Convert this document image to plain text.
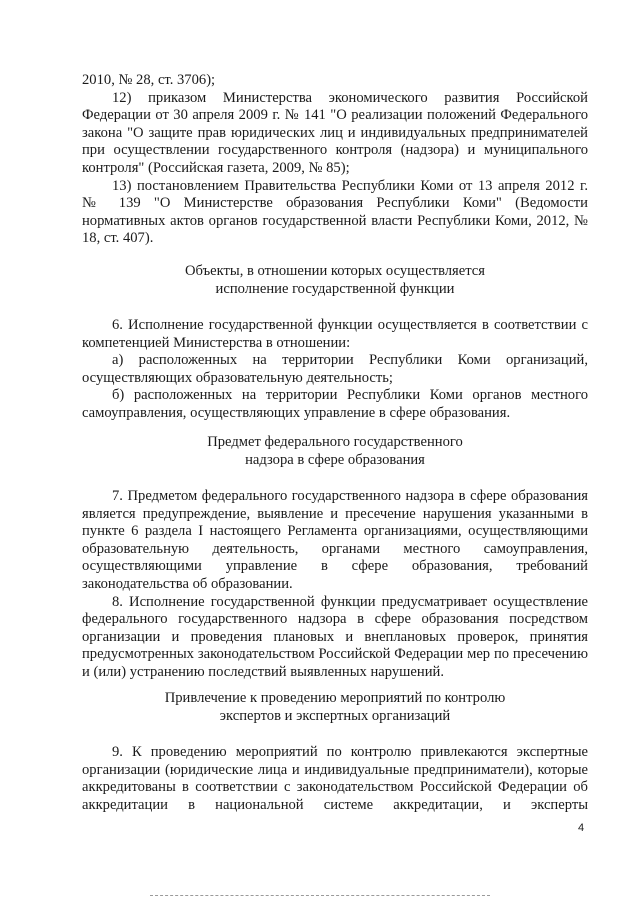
2010, № 28, ст. 3706);

12) приказом Министерства экономического развития Российской Федерации от 30 апреля 2009 г. № 141 "О реализации положений Федерального закона "О защите прав юридических лиц и индивидуальных предпринимателей при осуществлении государственного контроля (надзора) и муниципального контроля" (Российская газета, 2009, № 85);

13) постановлением Правительства Республики Коми от 13 апреля 2012 г. № 139 "О Министерстве образования Республики Коми" (Ведомости нормативных актов органов государственной власти Республики Коми, 2012, № 18, ст. 407).

Объекты, в отношении которых осуществляется

исполнение государственной функции

6. Исполнение государственной функции осуществляется в соответствии с компетенцией Министерства в отношении:

а) расположенных на территории Республики Коми организаций, осуществляющих образовательную деятельность;

б) расположенных на территории Республики Коми органов местного самоуправления, осуществляющих управление в сфере образования.

Предмет федерального государственного

надзора в сфере образования

7. Предметом федерального государственного надзора в сфере образования является предупреждение, выявление и пресечение нарушения указанными в пункте 6 раздела I настоящего Регламента организациями, осуществляющими образовательную деятельность, органами местного самоуправления, осуществляющими управление в сфере образования, требований законодательства об образовании.

8. Исполнение государственной функции предусматривает осуществление федерального государственного надзора в сфере образования посредством организации и проведения плановых и внеплановых проверок, принятия предусмотренных законодательством Российской Федерации мер по пресечению и (или) устранению последствий выявленных нарушений.

Привлечение к проведению мероприятий по контролю

экспертов и экспертных организаций

9. К проведению мероприятий по контролю привлекаются экспертные организации (юридические лица и индивидуальные предприниматели), которые аккредитованы в соответствии с законодательством Российской Федерации об аккредитации в национальной системе аккредитации, и эксперты

4
